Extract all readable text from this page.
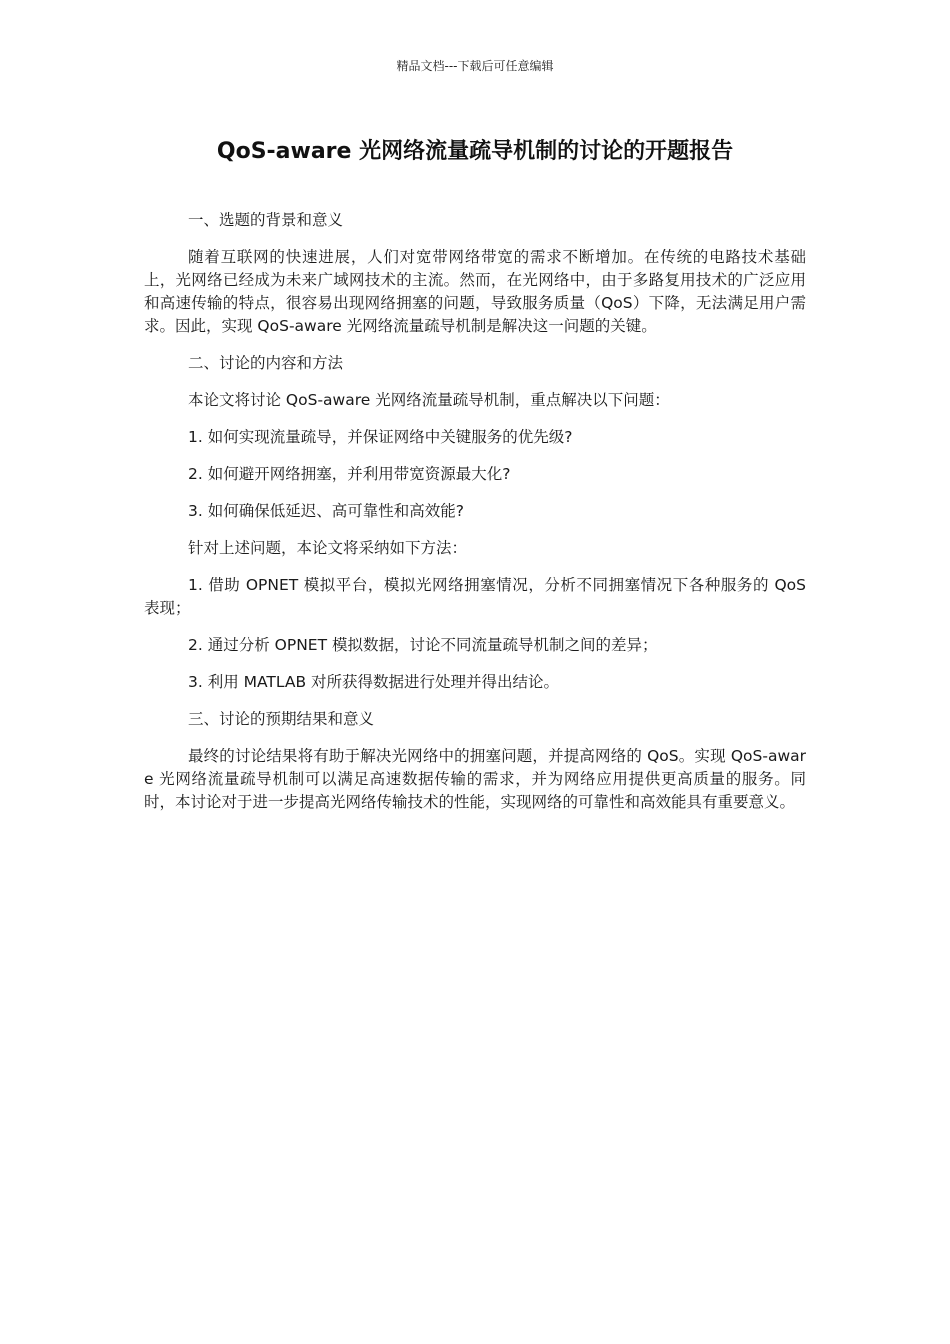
精品文档---下载后可任意编辑
QoS-aware 光网络流量疏导机制的讨论的开题报告

一、选题的背景和意义

随着互联网的快速进展，人们对宽带网络带宽的需求不断增加。在传统的电路技术基础上，光网络已经成为未来广域网技术的主流。然而，在光网络中，由于多路复用技术的广泛应用和高速传输的特点，很容易出现网络拥塞的问题，导致服务质量（QoS）下降，无法满足用户需求。因此，实现 QoS-aware 光网络流量疏导机制是解决这一问题的关键。

二、讨论的内容和方法

本论文将讨论 QoS-aware 光网络流量疏导机制，重点解决以下问题：

1. 如何实现流量疏导，并保证网络中关键服务的优先级?

2. 如何避开网络拥塞，并利用带宽资源最大化?

3. 如何确保低延迟、高可靠性和高效能?

针对上述问题，本论文将采纳如下方法：

1. 借助 OPNET 模拟平台，模拟光网络拥塞情况，分析不同拥塞情况下各种服务的 QoS 表现；

2. 通过分析 OPNET 模拟数据，讨论不同流量疏导机制之间的差异；

3. 利用 MATLAB 对所获得数据进行处理并得出结论。

三、讨论的预期结果和意义

最终的讨论结果将有助于解决光网络中的拥塞问题，并提高网络的 QoS。实现 QoS-aware 光网络流量疏导机制可以满足高速数据传输的需求，并为网络应用提供更高质量的服务。同时，本讨论对于进一步提高光网络传输技术的性能，实现网络的可靠性和高效能具有重要意义。
